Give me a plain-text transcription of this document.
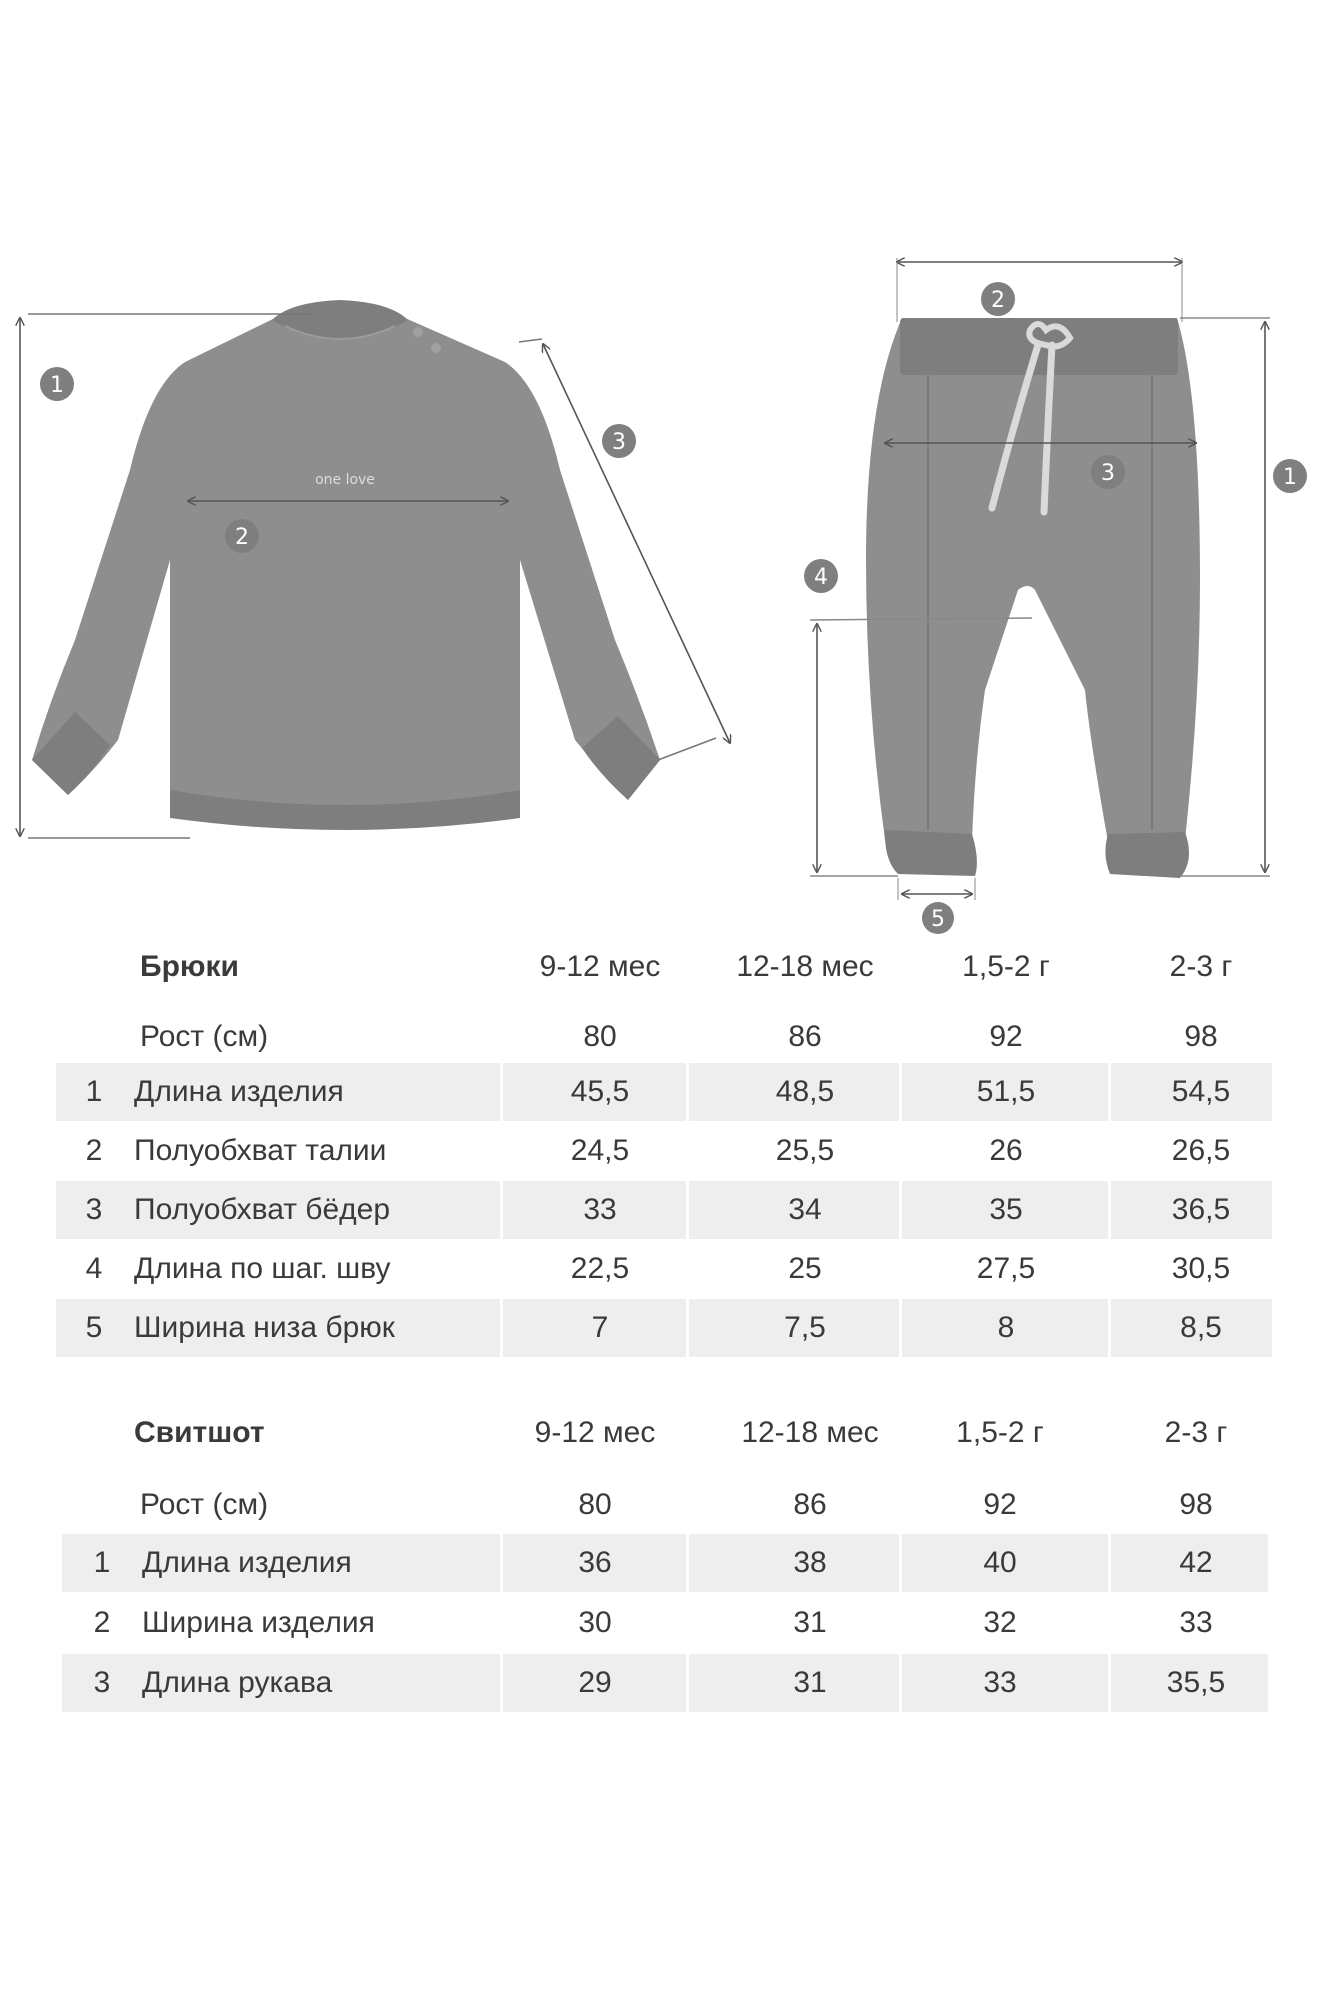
one love
1
2
3
1
2
3
4
5
Брюки	9-12 мес	12-18 мес	1,5-2 г	2-3 г
Рост (см)	80	86	92	98
1	Длина изделия	45,5	48,5	51,5	54,5
2	Полуобхват талии	24,5	25,5	26	26,5
3	Полуобхват бёдер	33	34	35	36,5
4	Длина по шаг. шву	22,5	25	27,5	30,5
5	Ширина низа брюк	7	7,5	8	8,5
Свитшот	9-12 мес	12-18 мес	1,5-2 г	2-3 г
Рост (см)	80	86	92	98
1	Длина изделия	36	38	40	42
2	Ширина изделия	30	31	32	33
3	Длина рукава	29	31	33	35,5
